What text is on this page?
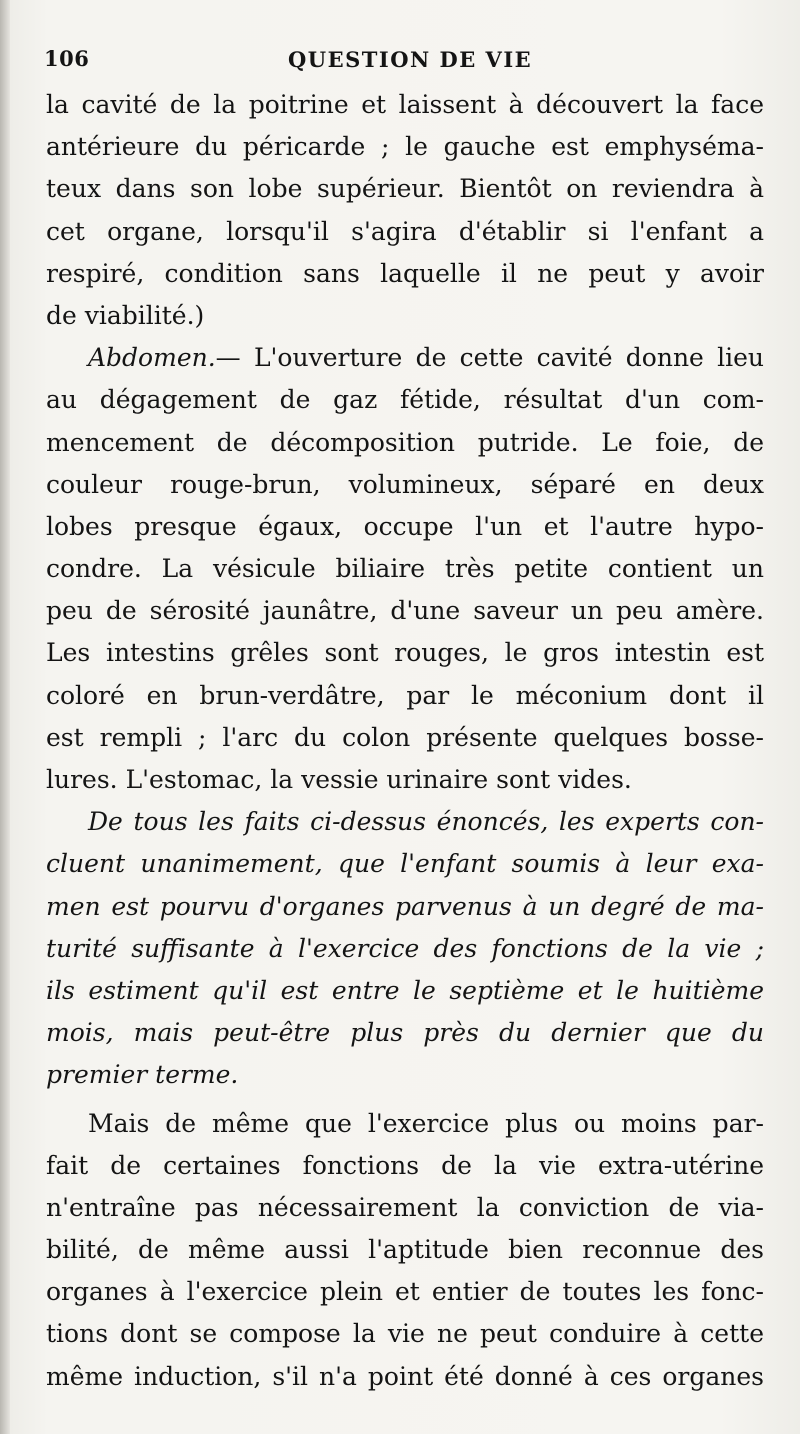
106	QUESTION DE VIE
la cavité de la poitrine et laissent à découvert la face
antérieure du péricarde ; le gauche est emphyséma-
teux dans son lobe supérieur. Bientôt on reviendra à
cet organe, lorsqu'il s'agira d'établir si l'enfant a
respiré, condition sans laquelle il ne peut y avoir
de viabilité.)
Abdomen.— L'ouverture de cette cavité donne lieu
au dégagement de gaz fétide, résultat d'un com-
mencement de décomposition putride. Le foie, de
couleur rouge-brun, volumineux, séparé en deux
lobes presque égaux, occupe l'un et l'autre hypo-
condre. La vésicule biliaire très petite contient un
peu de sérosité jaunâtre, d'une saveur un peu amère.
Les intestins grêles sont rouges, le gros intestin est
coloré en brun-verdâtre, par le méconium dont il
est rempli ; l'arc du colon présente quelques bosse-
lures. L'estomac, la vessie urinaire sont vides.
De tous les faits ci-dessus énoncés, les experts con-
cluent unanimement, que l'enfant soumis à leur exa-
men est pourvu d'organes parvenus à un degré de ma-
turité suffisante à l'exercice des fonctions de la vie ;
ils estiment qu'il est entre le septième et le huitième
mois, mais peut-être plus près du dernier que du
premier terme.
Mais de même que l'exercice plus ou moins par-
fait de certaines fonctions de la vie extra-utérine
n'entraîne pas nécessairement la conviction de via-
bilité, de même aussi l'aptitude bien reconnue des
organes à l'exercice plein et entier de toutes les fonc-
tions dont se compose la vie ne peut conduire à cette
même induction, s'il n'a point été donné à ces organes
